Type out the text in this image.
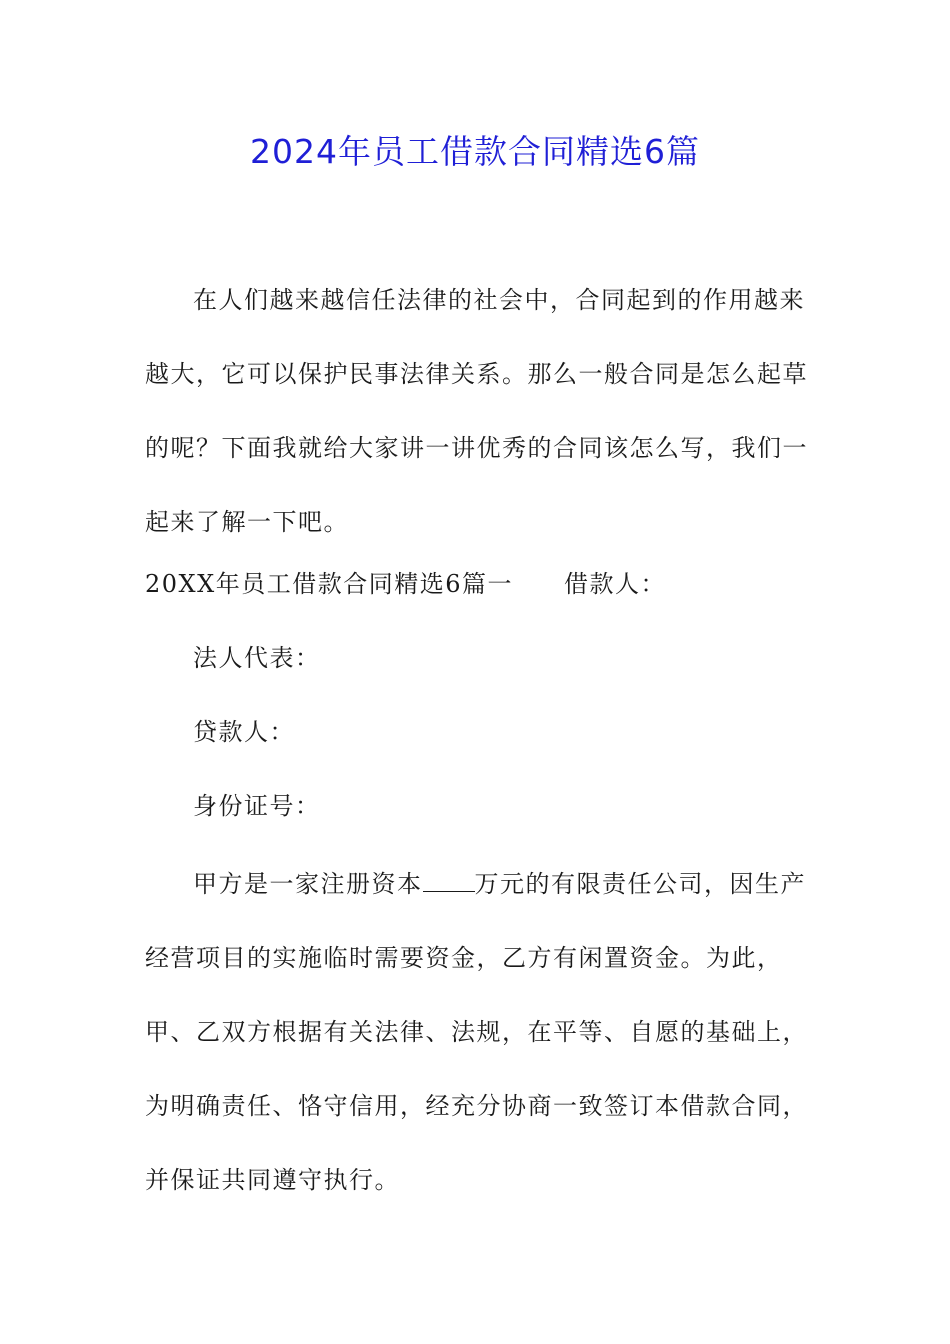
2024年员工借款合同精选6篇

在人们越来越信任法律的社会中，合同起到的作用越来越大，它可以保护民事法律关系。那么一般合同是怎么起草的呢？下面我就给大家讲一讲优秀的合同该怎么写，我们一起来了解一下吧。

20XX年员工借款合同精选6篇一　　借款人：
法人代表：
贷款人：
身份证号：

甲方是一家注册资本 万元的有限责任公司，因生产经营项目的实施临时需要资金，乙方有闲置资金。为此，甲、乙双方根据有关法律、法规，在平等、自愿的基础上，为明确责任、恪守信用，经充分协商一致签订本借款合同，并保证共同遵守执行。
